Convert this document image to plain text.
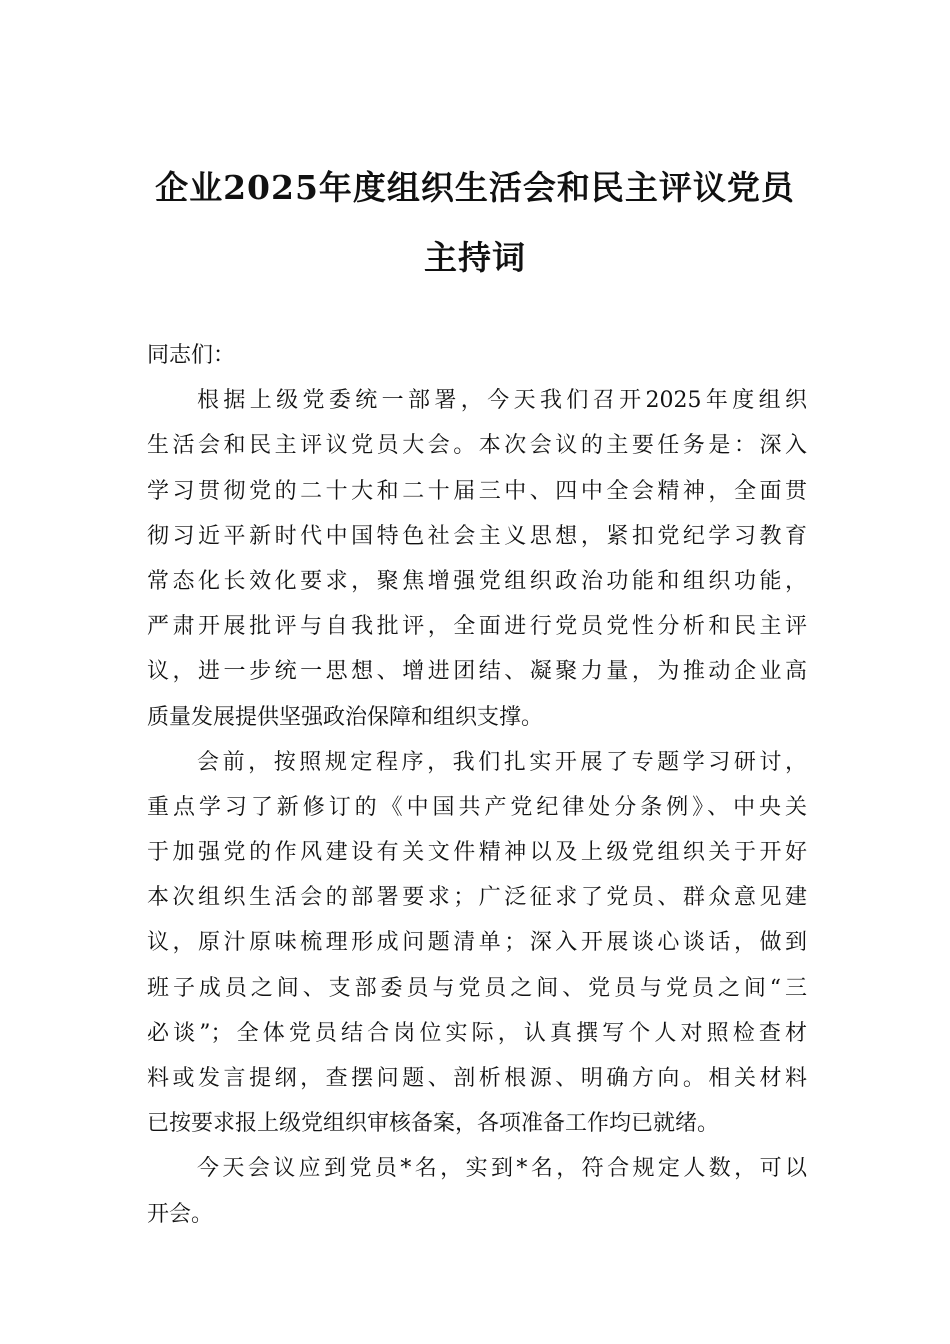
企业2025年度组织生活会和民主评议党员
主持词
同志们：
根据上级党委统一部署，今天我们召开2025年度组织
生活会和民主评议党员大会。本次会议的主要任务是：深入
学习贯彻党的二十大和二十届三中、四中全会精神，全面贯
彻习近平新时代中国特色社会主义思想，紧扣党纪学习教育
常态化长效化要求，聚焦增强党组织政治功能和组织功能，
严肃开展批评与自我批评，全面进行党员党性分析和民主评
议，进一步统一思想、增进团结、凝聚力量，为推动企业高
质量发展提供坚强政治保障和组织支撑。
会前，按照规定程序，我们扎实开展了专题学习研讨，
重点学习了新修订的《中国共产党纪律处分条例》、中央关
于加强党的作风建设有关文件精神以及上级党组织关于开好
本次组织生活会的部署要求；广泛征求了党员、群众意见建
议，原汁原味梳理形成问题清单；深入开展谈心谈话，做到
班子成员之间、支部委员与党员之间、党员与党员之间“三
必谈”；全体党员结合岗位实际，认真撰写个人对照检查材
料或发言提纲，查摆问题、剖析根源、明确方向。相关材料
已按要求报上级党组织审核备案，各项准备工作均已就绪。
今天会议应到党员*名，实到*名，符合规定人数，可以
开会。
